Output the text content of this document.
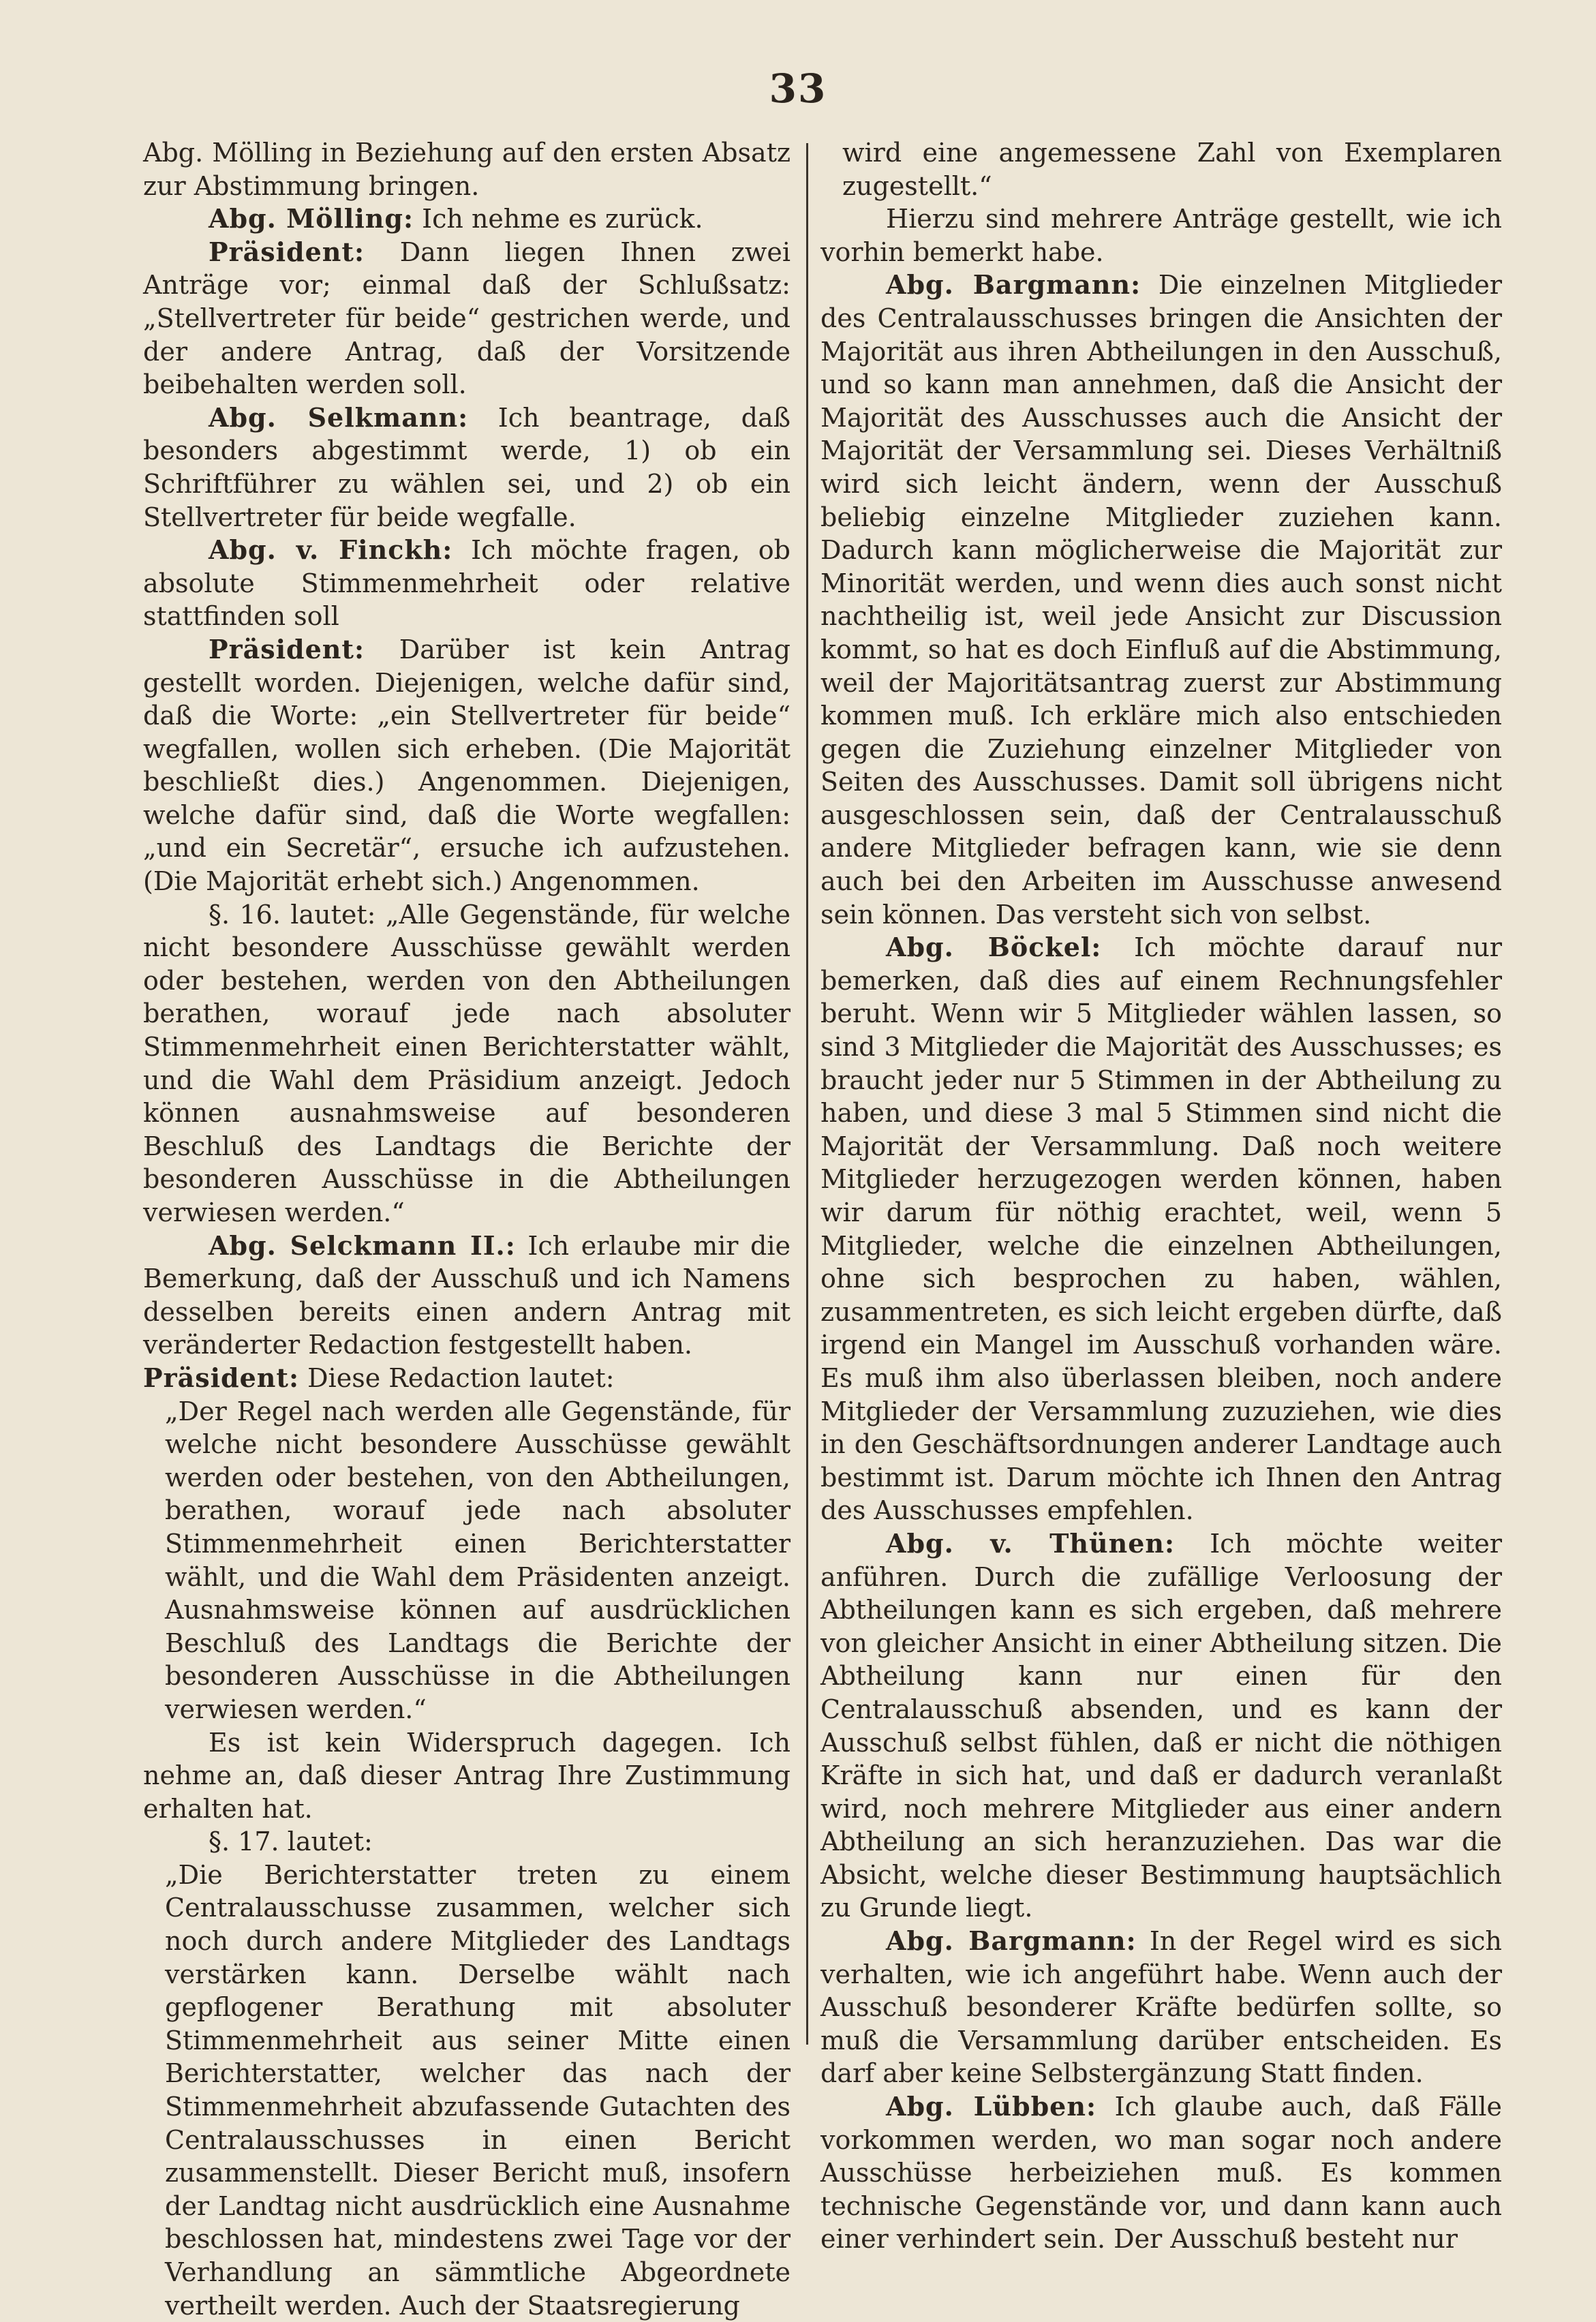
33

Abg. Mölling in Beziehung auf den ersten Absatz zur Abstimmung bringen.

Abg. Mölling: Ich nehme es zurück.

Präsident: Dann liegen Ihnen zwei Anträge vor; einmal daß der Schlußsatz: „Stellvertreter für beide“ gestrichen werde, und der andere Antrag, daß der Vorsitzende beibehalten werden soll.

Abg. Selkmann: Ich beantrage, daß besonders abgestimmt werde, 1) ob ein Schriftführer zu wählen sei, und 2) ob ein Stellvertreter für beide wegfalle.

Abg. v. Finckh: Ich möchte fragen, ob absolute Stimmenmehrheit oder relative stattfinden soll

Präsident: Darüber ist kein Antrag gestellt worden. Diejenigen, welche dafür sind, daß die Worte: „ein Stellvertreter für beide“ wegfallen, wollen sich erheben. (Die Majorität beschließt dies.) Angenommen. Diejenigen, welche dafür sind, daß die Worte wegfallen: „und ein Secretär“, ersuche ich aufzustehen. (Die Majorität erhebt sich.) Angenommen.

§. 16. lautet: „Alle Gegenstände, für welche nicht besondere Ausschüsse gewählt werden oder bestehen, werden von den Abtheilungen berathen, worauf jede nach absoluter Stimmenmehrheit einen Berichterstatter wählt, und die Wahl dem Präsidium anzeigt. Jedoch können ausnahmsweise auf besonderen Beschluß des Landtags die Berichte der besonderen Ausschüsse in die Abtheilungen verwiesen werden.“

Abg. Selckmann II.: Ich erlaube mir die Bemerkung, daß der Ausschuß und ich Namens desselben bereits einen andern Antrag mit veränderter Redaction festgestellt haben.

Präsident: Diese Redaction lautet:

„Der Regel nach werden alle Gegenstände, für welche nicht besondere Ausschüsse gewählt werden oder bestehen, von den Abtheilungen, berathen, worauf jede nach absoluter Stimmenmehrheit einen Berichterstatter wählt, und die Wahl dem Präsidenten anzeigt. Ausnahmsweise können auf ausdrücklichen Beschluß des Landtags die Berichte der besonderen Ausschüsse in die Abtheilungen verwiesen werden.“

Es ist kein Widerspruch dagegen. Ich nehme an, daß dieser Antrag Ihre Zustimmung erhalten hat.

§. 17. lautet:

„Die Berichterstatter treten zu einem Centralausschusse zusammen, welcher sich noch durch andere Mitglieder des Landtags verstärken kann. Derselbe wählt nach gepflogener Berathung mit absoluter Stimmenmehrheit aus seiner Mitte einen Berichterstatter, welcher das nach der Stimmenmehrheit abzufassende Gutachten des Centralausschusses in einen Bericht zusammenstellt. Dieser Bericht muß, insofern der Landtag nicht ausdrücklich eine Ausnahme beschlossen hat, mindestens zwei Tage vor der Verhandlung an sämmtliche Abgeordnete vertheilt werden. Auch der Staatsregierung

wird eine angemessene Zahl von Exemplaren zugestellt.“

Hierzu sind mehrere Anträge gestellt, wie ich vorhin bemerkt habe.

Abg. Bargmann: Die einzelnen Mitglieder des Centralausschusses bringen die Ansichten der Majorität aus ihren Abtheilungen in den Ausschuß, und so kann man annehmen, daß die Ansicht der Majorität des Ausschusses auch die Ansicht der Majorität der Versammlung sei. Dieses Verhältniß wird sich leicht ändern, wenn der Ausschuß beliebig einzelne Mitglieder zuziehen kann. Dadurch kann möglicherweise die Majorität zur Minorität werden, und wenn dies auch sonst nicht nachtheilig ist, weil jede Ansicht zur Discussion kommt, so hat es doch Einfluß auf die Abstimmung, weil der Majoritätsantrag zuerst zur Abstimmung kommen muß. Ich erkläre mich also entschieden gegen die Zuziehung einzelner Mitglieder von Seiten des Ausschusses. Damit soll übrigens nicht ausgeschlossen sein, daß der Centralausschuß andere Mitglieder befragen kann, wie sie denn auch bei den Arbeiten im Ausschusse anwesend sein können. Das versteht sich von selbst.

Abg. Böckel: Ich möchte darauf nur bemerken, daß dies auf einem Rechnungsfehler beruht. Wenn wir 5 Mitglieder wählen lassen, so sind 3 Mitglieder die Majorität des Ausschusses; es braucht jeder nur 5 Stimmen in der Abtheilung zu haben, und diese 3 mal 5 Stimmen sind nicht die Majorität der Versammlung. Daß noch weitere Mitglieder herzugezogen werden können, haben wir darum für nöthig erachtet, weil, wenn 5 Mitglieder, welche die einzelnen Abtheilungen, ohne sich besprochen zu haben, wählen, zusammentreten, es sich leicht ergeben dürfte, daß irgend ein Mangel im Ausschuß vorhanden wäre. Es muß ihm also überlassen bleiben, noch andere Mitglieder der Versammlung zuzuziehen, wie dies in den Geschäftsordnungen anderer Landtage auch bestimmt ist. Darum möchte ich Ihnen den Antrag des Ausschusses empfehlen.

Abg. v. Thünen: Ich möchte weiter anführen. Durch die zufällige Verloosung der Abtheilungen kann es sich ergeben, daß mehrere von gleicher Ansicht in einer Abtheilung sitzen. Die Abtheilung kann nur einen für den Centralausschuß absenden, und es kann der Ausschuß selbst fühlen, daß er nicht die nöthigen Kräfte in sich hat, und daß er dadurch veranlaßt wird, noch mehrere Mitglieder aus einer andern Abtheilung an sich heranzuziehen. Das war die Absicht, welche dieser Bestimmung hauptsächlich zu Grunde liegt.

Abg. Bargmann: In der Regel wird es sich verhalten, wie ich angeführt habe. Wenn auch der Ausschuß besonderer Kräfte bedürfen sollte, so muß die Versammlung darüber entscheiden. Es darf aber keine Selbstergänzung Statt finden.

Abg. Lübben: Ich glaube auch, daß Fälle vorkommen werden, wo man sogar noch andere Ausschüsse herbeiziehen muß. Es kommen technische Gegenstände vor, und dann kann auch einer verhindert sein. Der Ausschuß besteht nur
